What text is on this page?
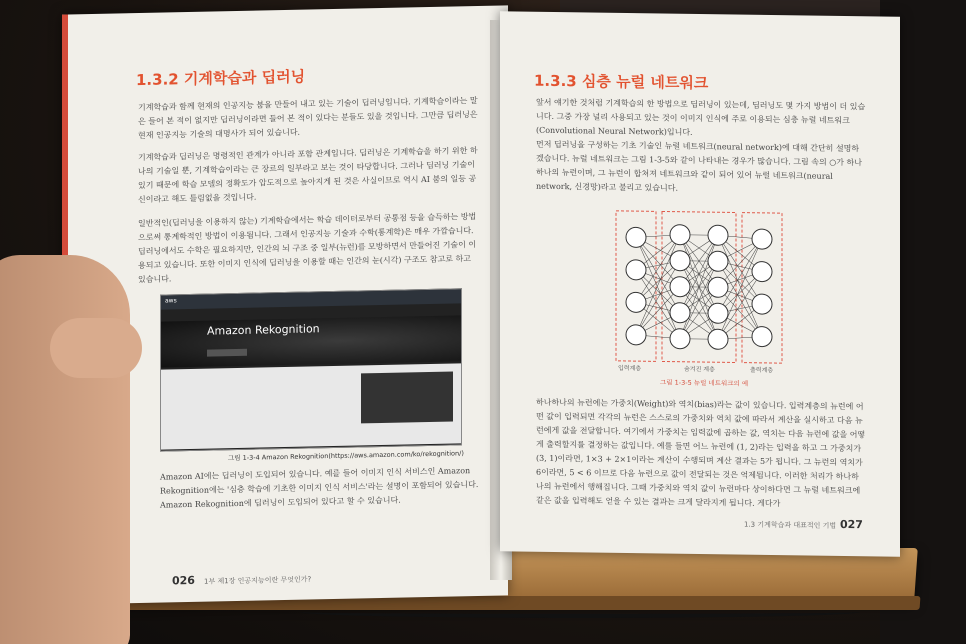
1.3.2 기계학습과 딥러닝
기계학습과 함께 현재의 인공지능 붐을 만들어 내고 있는 기술이 딥러닝입니다. 기계학습이라는 말은 들어 본 적이 없지만 딥러닝이라면 들어 본 적이 있다는 분들도 있을 것입니다. 그만큼 딥러닝은 현재 인공지능 기술의 대명사가 되어 있습니다.
기계학습과 딥러닝은 명령적인 관계가 아니라 포함 관계입니다. 딥러닝은 기계학습을 하기 위한 하나의 기술일 뿐, 기계학습이라는 큰 장르의 일부라고 보는 것이 타당합니다. 그러나 딥러닝 기술이 있기 때문에 학습 모델의 정확도가 압도적으로 높아지게 된 것은 사실이므로 역시 AI 붐의 일등 공신이라고 해도 틀림없을 것입니다.
일반적인(딥러닝을 이용하지 않는) 기계학습에서는 학습 데이터로부터 공통점 등을 습득하는 방법으로써 통계학적인 방법이 이용됩니다. 그래서 인공지능 기술과 수학(통계학)은 매우 가깝습니다. 딥러닝에서도 수학은 필요하지만, 인간의 뇌 구조 중 일부(뉴런)를 모방하면서 만들어진 기술이 이용되고 있습니다. 또한 이미지 인식에 딥러닝을 이용할 때는 인간의 눈(시각) 구조도 참고로 하고 있습니다.
aws
Amazon Rekognition
그림 1-3-4 Amazon Rekognition(https://aws.amazon.com/ko/rekognition/)
Amazon AI에는 딥러닝이 도입되어 있습니다. 예를 들어 이미지 인식 서비스인 Amazon Rekognition에는 '심층 학습에 기초한 이미지 인식 서비스'라는 설명이 포함되어 있습니다. Amazon Rekognition에 딥러닝이 도입되어 있다고 할 수 있습니다.
026 1부 제1장 인공지능이란 무엇인가?
1.3.3 심층 뉴럴 네트워크
앞서 얘기한 것처럼 기계학습의 한 방법으로 딥러닝이 있는데, 딥러닝도 몇 가지 방법이 더 있습니다. 그중 가장 널리 사용되고 있는 것이 이미지 인식에 주로 이용되는 심층 뉴럴 네트워크 (Convolutional Neural Network)입니다.
먼저 딥러닝을 구성하는 기초 기술인 뉴럴 네트워크(neural network)에 대해 간단히 설명하겠습니다. 뉴럴 네트워크는 그림 1-3-5와 같이 나타내는 경우가 많습니다. 그림 속의 ○가 하나하나의 뉴런이며, 그 뉴런이 합쳐져 네트워크와 같이 되어 있어 뉴럴 네트워크(neural network, 신경망)라고 불리고 있습니다.
입력계층	숨겨진 계층	출력계층
그림 1-3-5 뉴럴 네트워크의 예
하나하나의 뉴런에는 가중치(Weight)와 역치(bias)라는 값이 있습니다. 입력계층의 뉴런에 어떤 값이 입력되면 각각의 뉴런은 스스로의 가중치와 역치 값에 따라서 계산을 실시하고 다음 뉴런에게 값을 전달합니다. 여기에서 가중치는 입력값에 곱하는 값, 역치는 다음 뉴런에 값을 어떻게 출력할지를 결정하는 값입니다. 예를 들면 어느 뉴런에 (1, 2)라는 입력을 하고 그 가중치가 (3, 1)이라면, 1×3 + 2×1이라는 계산이 수행되며 계산 결과는 5가 됩니다. 그 뉴런의 역치가 6이라면, 5 < 6 이므로 다음 뉴런으로 값이 전달되는 것은 억제됩니다. 이러한 처리가 하나하나의 뉴런에서 행해집니다. 그때 가중치와 역치 값이 뉴런마다 상이하다면 그 뉴럴 네트워크에 같은 값을 입력해도 얻을 수 있는 결과는 크게 달라지게 됩니다. 게다가
1.3 기계학습과 대표적인 기법 027
